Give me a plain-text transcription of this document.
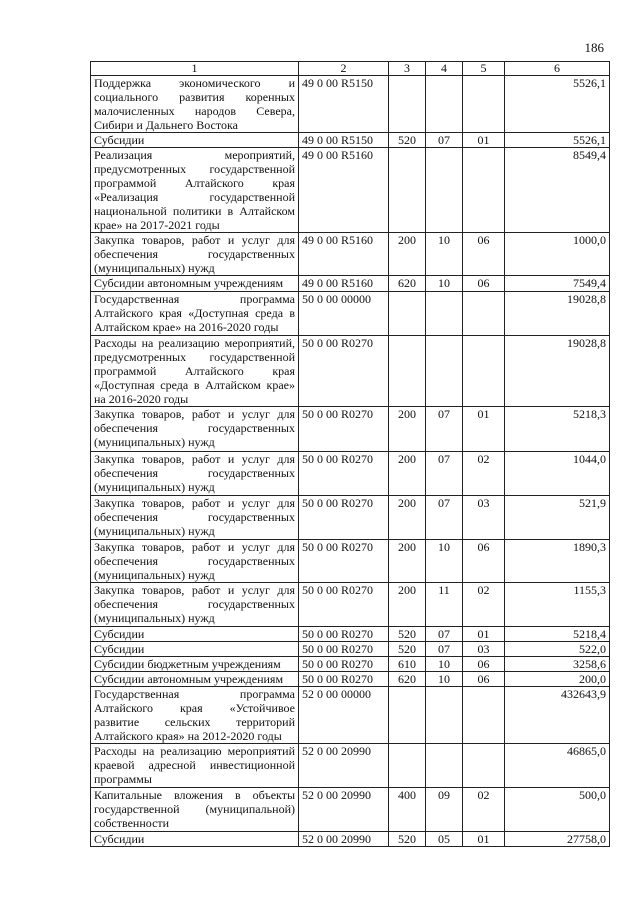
186
1	2	3	4	5	6
Поддержка экономического и социального развития коренных малочисленных народов Севера, Сибири и Дальнего Востока	49 0 00 R5150				5526,1
Субсидии	49 0 00 R5150	520	07	01	5526,1
Реализация мероприятий, предусмотренных государственной программой Алтайского края «Реализация государственной национальной политики в Алтайском крае» на 2017-2021 годы	49 0 00 R5160				8549,4
Закупка товаров, работ и услуг для обеспечения государственных (муниципальных) нужд	49 0 00 R5160	200	10	06	1000,0
Субсидии автономным учреждениям	49 0 00 R5160	620	10	06	7549,4
Государственная программа Алтайского края «Доступная среда в Алтайском крае» на 2016-2020 годы	50 0 00 00000				19028,8
Расходы на реализацию мероприятий, предусмотренных государственной программой Алтайского края «Доступная среда в Алтайском крае» на 2016-2020 годы	50 0 00 R0270				19028,8
Закупка товаров, работ и услуг для обеспечения государственных (муниципальных) нужд	50 0 00 R0270	200	07	01	5218,3
Закупка товаров, работ и услуг для обеспечения государственных (муниципальных) нужд	50 0 00 R0270	200	07	02	1044,0
Закупка товаров, работ и услуг для обеспечения государственных (муниципальных) нужд	50 0 00 R0270	200	07	03	521,9
Закупка товаров, работ и услуг для обеспечения государственных (муниципальных) нужд	50 0 00 R0270	200	10	06	1890,3
Закупка товаров, работ и услуг для обеспечения государственных (муниципальных) нужд	50 0 00 R0270	200	11	02	1155,3
Субсидии	50 0 00 R0270	520	07	01	5218,4
Субсидии	50 0 00 R0270	520	07	03	522,0
Субсидии бюджетным учреждениям	50 0 00 R0270	610	10	06	3258,6
Субсидии автономным учреждениям	50 0 00 R0270	620	10	06	200,0
Государственная программа Алтайского края «Устойчивое развитие сельских территорий Алтайского края» на 2012-2020 годы	52 0 00 00000				432643,9
Расходы на реализацию мероприятий краевой адресной инвестиционной программы	52 0 00 20990				46865,0
Капитальные вложения в объекты государственной (муниципальной) собственности	52 0 00 20990	400	09	02	500,0
Субсидии	52 0 00 20990	520	05	01	27758,0
